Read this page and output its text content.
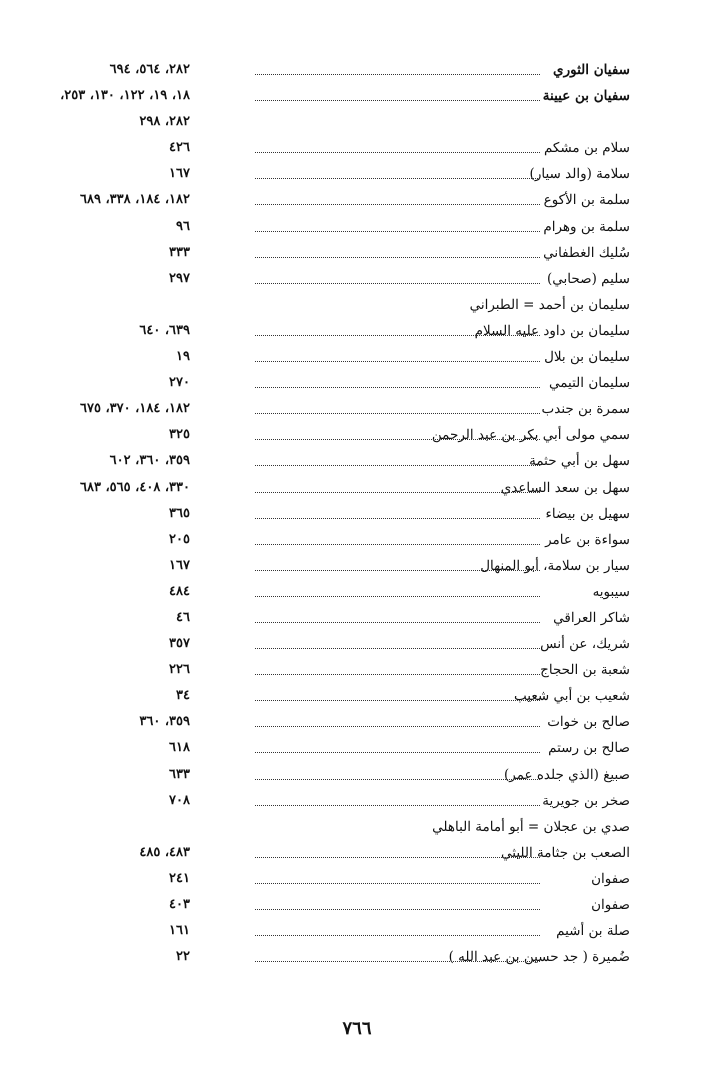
سفيان الثوري
٢٨٢، ٥٦٤، ٦٩٤
سفيان بن عيينة
١٨، ١٩، ١٢٢، ١٣٠، ٢٥٣،
٢٨٢، ٢٩٨
سلام بن مشكم
٤٢٦
سلامة (والد سيار)
١٦٧
سلمة بن الأكوع
١٨٢، ١٨٤، ٣٣٨، ٦٨٩
سلمة بن وهرام
٩٦
سُليك الغطفاني
٣٣٣
سليم (صحابي)
٢٩٧
سليمان بن أحمد = الطبراني
سليمان بن داود عليه السلام
٦٣٩، ٦٤٠
سليمان بن بلال
١٩
سليمان التيمي
٢٧٠
سمرة بن جندب
١٨٢، ١٨٤، ٣٧٠، ٦٧٥
سمي مولى أبي بكر بن عبد الرحمن
٣٢٥
سهل بن أبي حثمة
٣٥٩، ٣٦٠، ٦٠٢
سهل بن سعد الساعدي
٣٣٠، ٤٠٨، ٥٦٥، ٦٨٣
سهيل بن بيضاء
٣٦٥
سواءة بن عامر
٢٠٥
سيار بن سلامة، أبو المنهال
١٦٧
سيبويه
٤٨٤
شاكر العراقي
٤٦
شريك، عن أنس
٣٥٧
شعبة بن الحجاج
٢٢٦
شعيب بن أبي شعيب
٣٤
صالح بن خوات
٣٥٩، ٣٦٠
صالح بن رستم
٦١٨
صبيغ (الذي جلده عمر)
٦٣٣
صخر بن جويرية
٧٠٨
صدي بن عجلان = أبو أمامة الباهلي
الصعب بن جثامة الليثي
٤٨٣، ٤٨٥
صفوان
٢٤١
صفوان
٤٠٣
صلة بن أشيم
١٦١
ضُميرة ( جد حسين بن عبد الله )
٢٢
٧٦٦
